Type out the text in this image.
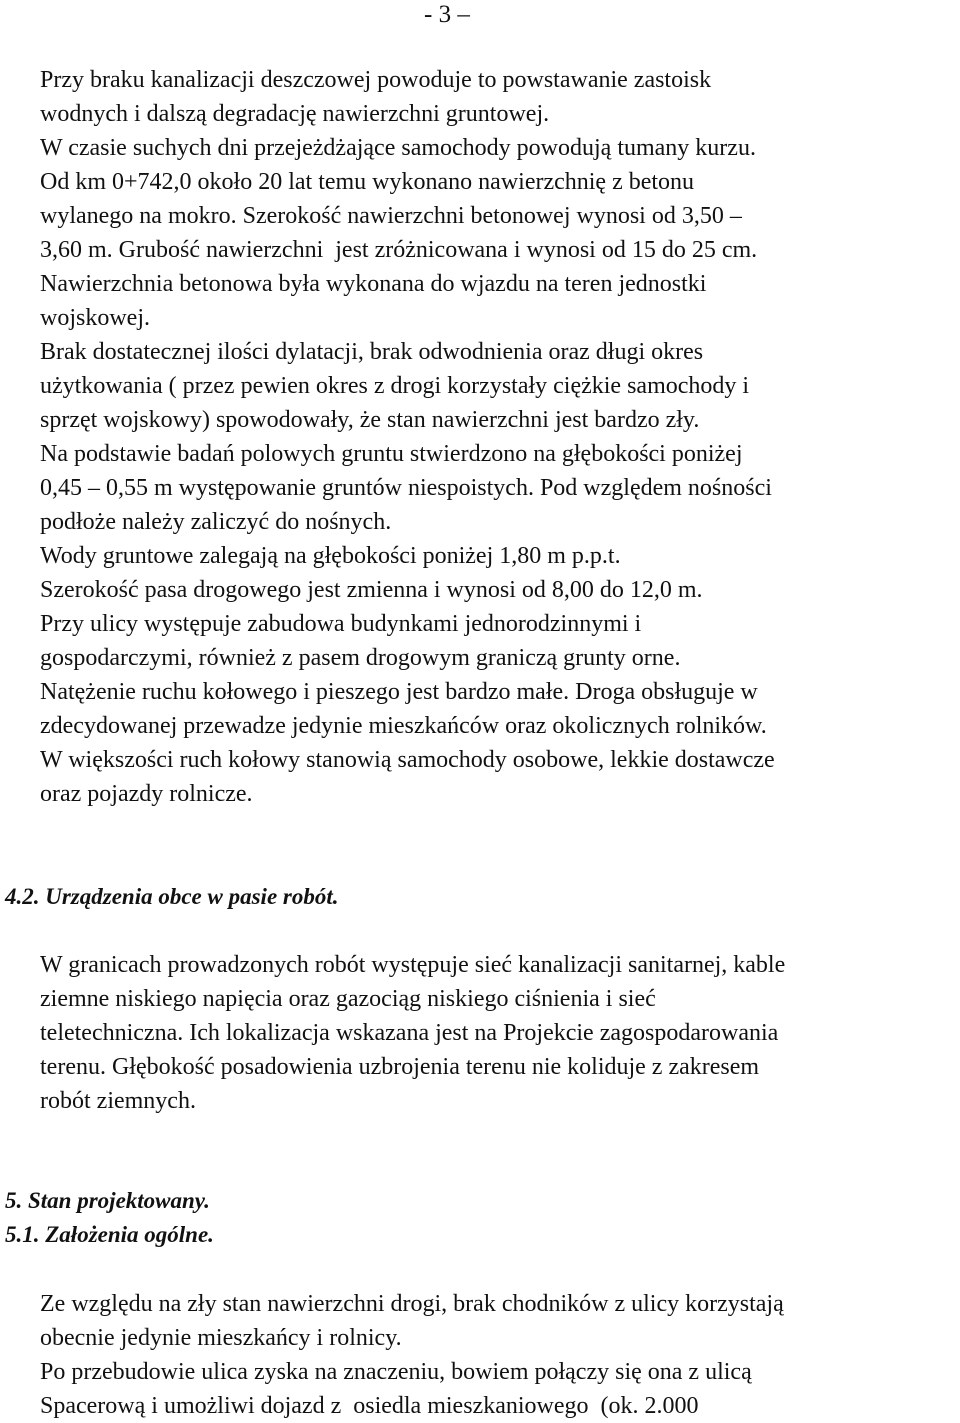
- 3 –
Przy braku kanalizacji deszczowej powoduje to powstawanie zastoisk
wodnych i dalszą degradację nawierzchni gruntowej.
W czasie suchych dni przejeżdżające samochody powodują tumany kurzu.
Od km 0+742,0 około 20 lat temu wykonano nawierzchnię z betonu
wylanego na mokro. Szerokość nawierzchni betonowej wynosi od 3,50 –
3,60 m. Grubość nawierzchni  jest zróżnicowana i wynosi od 15 do 25 cm.
Nawierzchnia betonowa była wykonana do wjazdu na teren jednostki
wojskowej.
Brak dostatecznej ilości dylatacji, brak odwodnienia oraz długi okres
użytkowania ( przez pewien okres z drogi korzystały ciężkie samochody i
sprzęt wojskowy) spowodowały, że stan nawierzchni jest bardzo zły.
Na podstawie badań polowych gruntu stwierdzono na głębokości poniżej
0,45 – 0,55 m występowanie gruntów niespoistych. Pod względem nośności
podłoże należy zaliczyć do nośnych.
Wody gruntowe zalegają na głębokości poniżej 1,80 m p.p.t.
Szerokość pasa drogowego jest zmienna i wynosi od 8,00 do 12,0 m.
Przy ulicy występuje zabudowa budynkami jednorodzinnymi i
gospodarczymi, również z pasem drogowym graniczą grunty orne.
Natężenie ruchu kołowego i pieszego jest bardzo małe. Droga obsługuje w
zdecydowanej przewadze jedynie mieszkańców oraz okolicznych rolników.
W większości ruch kołowy stanowią samochody osobowe, lekkie dostawcze
oraz pojazdy rolnicze.
4.2. Urządzenia obce w pasie robót.
W granicach prowadzonych robót występuje sieć kanalizacji sanitarnej, kable
ziemne niskiego napięcia oraz gazociąg niskiego ciśnienia i sieć
teletechniczna. Ich lokalizacja wskazana jest na Projekcie zagospodarowania
terenu. Głębokość posadowienia uzbrojenia terenu nie koliduje z zakresem
robót ziemnych.
5. Stan projektowany.
5.1. Założenia ogólne.
Ze względu na zły stan nawierzchni drogi, brak chodników z ulicy korzystają
obecnie jedynie mieszkańcy i rolnicy.
Po przebudowie ulica zyska na znaczeniu, bowiem połączy się ona z ulicą
Spacerową i umożliwi dojazd z  osiedla mieszkaniowego  (ok. 2.000
